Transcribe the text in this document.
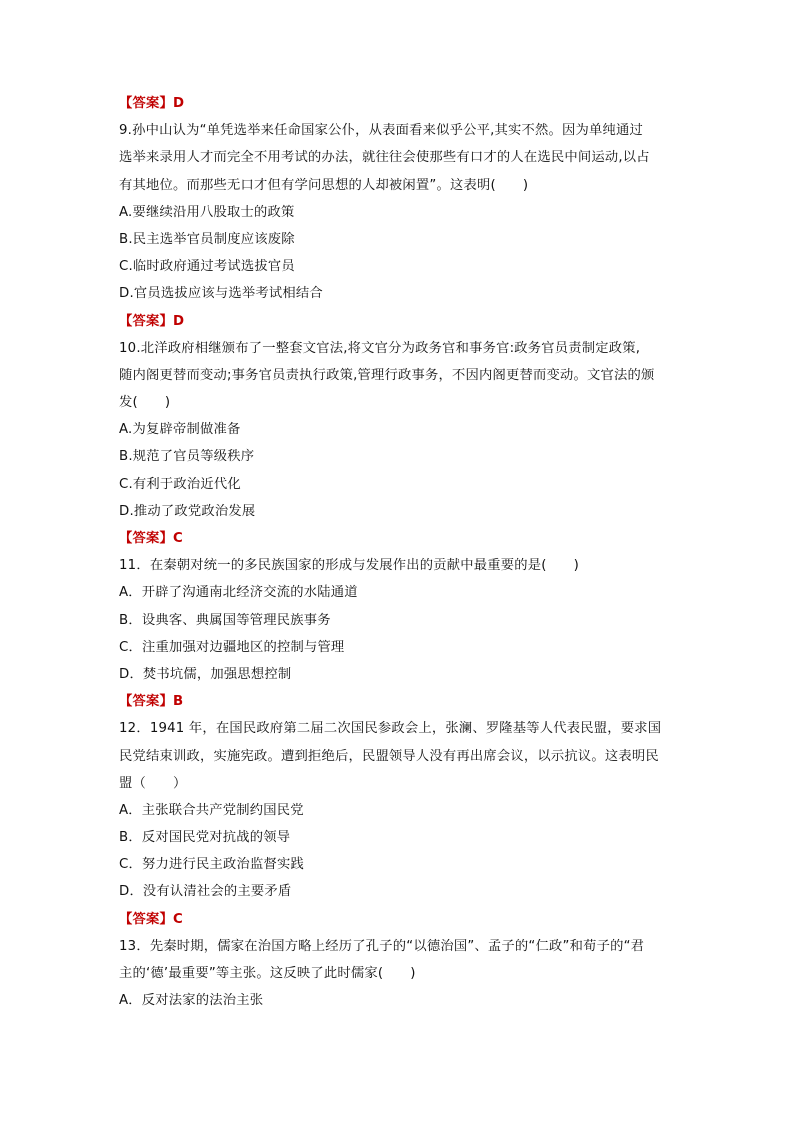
【答案】D
9.孙中山认为“单凭选举来任命国家公仆，从表面看来似乎公平,其实不然。因为单纯通过
选举来录用人才而完全不用考试的办法，就往往会使那些有口才的人在选民中间运动,以占
有其地位。而那些无口才但有学问思想的人却被闲置”。这表明(　　)
A.要继续沿用八股取士的政策
B.民主选举官员制度应该废除
C.临时政府通过考试选拔官员
D.官员选拔应该与选举考试相结合
【答案】D
10.北洋政府相继颁布了一整套文官法,将文官分为政务官和事务官:政务官员责制定政策,
随内阁更替而变动;事务官员责执行政策,管理行政事务，不因内阁更替而变动。文官法的颁
发(　　)
A.为复辟帝制做准备
B.规范了官员等级秩序
C.有利于政治近代化
D.推动了政党政治发展
【答案】C
11．在秦朝对统一的多民族国家的形成与发展作出的贡献中最重要的是(　　)
A．开辟了沟通南北经济交流的水陆通道
B．设典客、典属国等管理民族事务
C．注重加强对边疆地区的控制与管理
D．焚书坑儒，加强思想控制
【答案】B
12．1941 年，在国民政府第二届二次国民参政会上，张澜、罗隆基等人代表民盟，要求国
民党结束训政，实施宪政。遭到拒绝后，民盟领导人没有再出席会议，以示抗议。这表明民
盟（　　）
A．主张联合共产党制约国民党
B．反对国民党对抗战的领导
C．努力进行民主政治监督实践
D．没有认清社会的主要矛盾
【答案】C
13．先秦时期，儒家在治国方略上经历了孔子的“以德治国”、孟子的“仁政”和荀子的“君
主的‘德’最重要”等主张。这反映了此时儒家(　　)
A．反对法家的法治主张
